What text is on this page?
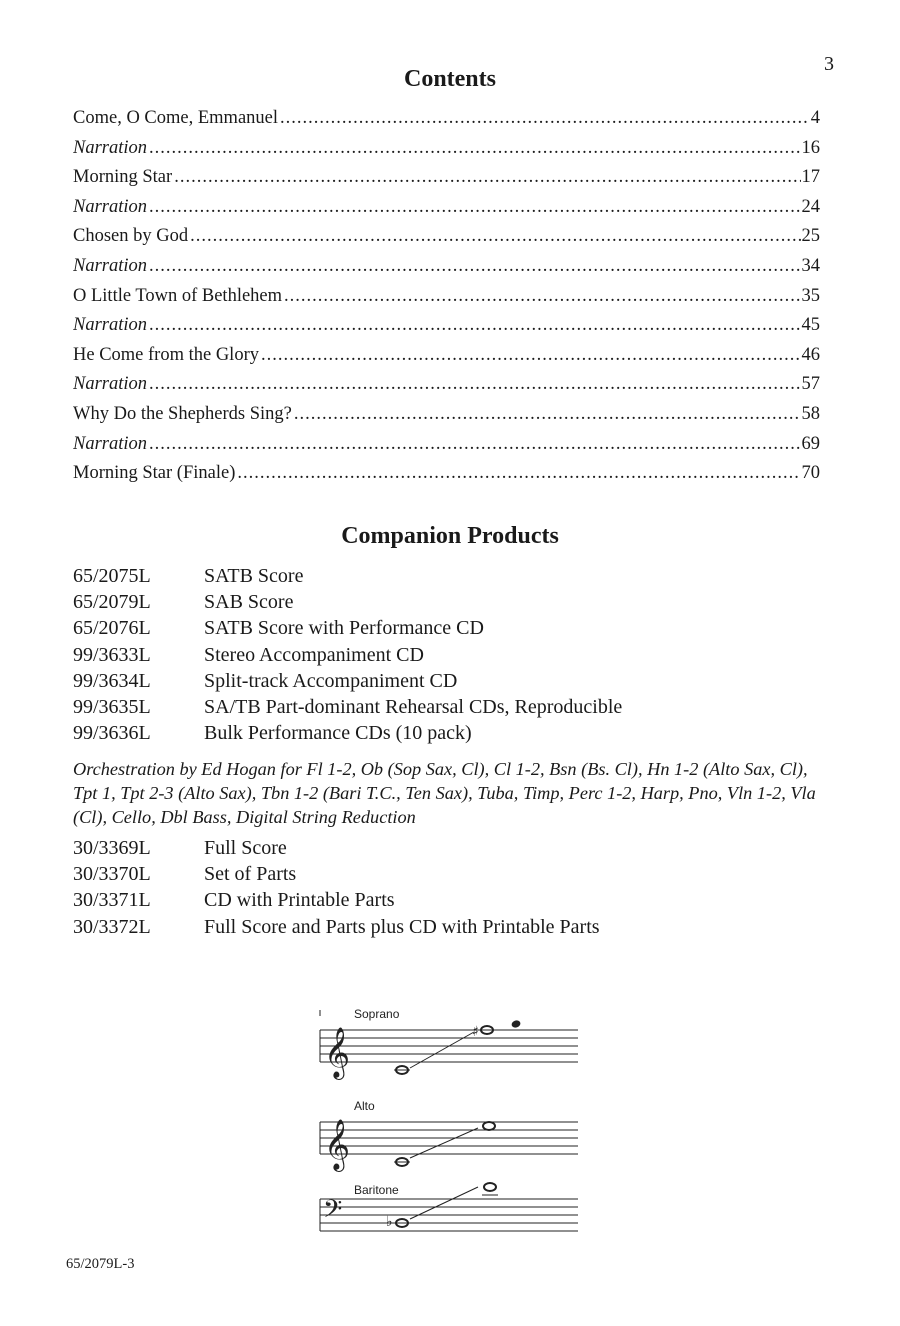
3
Contents
Come, O Come, Emmanuel .....	4
Narration .....	16
Morning Star .....	17
Narration .....	24
Chosen by God .....	25
Narration .....	34
O Little Town of Bethlehem .....	35
Narration .....	45
He Come from the Glory .....	46
Narration .....	57
Why Do the Shepherds Sing? .....	58
Narration .....	69
Morning Star (Finale) .....	70
Companion Products
65/2075L	SATB Score
65/2079L	SAB Score
65/2076L	SATB Score with Performance CD
99/3633L	Stereo Accompaniment CD
99/3634L	Split-track Accompaniment CD
99/3635L	SA/TB Part-dominant Rehearsal CDs, Reproducible
99/3636L	Bulk Performance CDs (10 pack)

Orchestration by Ed Hogan for Fl 1-2, Ob (Sop Sax, Cl), Cl 1-2, Bsn (Bs. Cl), Hn 1-2 (Alto Sax, Cl), Tpt 1, Tpt 2-3 (Alto Sax), Tbn 1-2 (Bari T.C., Ten Sax), Tuba, Timp, Perc 1-2, Harp, Pno, Vln 1-2, Vla (Cl), Cello, Dbl Bass, Digital String Reduction

30/3369L	Full Score
30/3370L	Set of Parts
30/3371L	CD with Printable Parts
30/3372L	Full Score and Parts plus CD with Printable Parts
Soprano
𝄞	♯
Alto
𝄞
Baritone
𝄢	♭
65/2079L-3
